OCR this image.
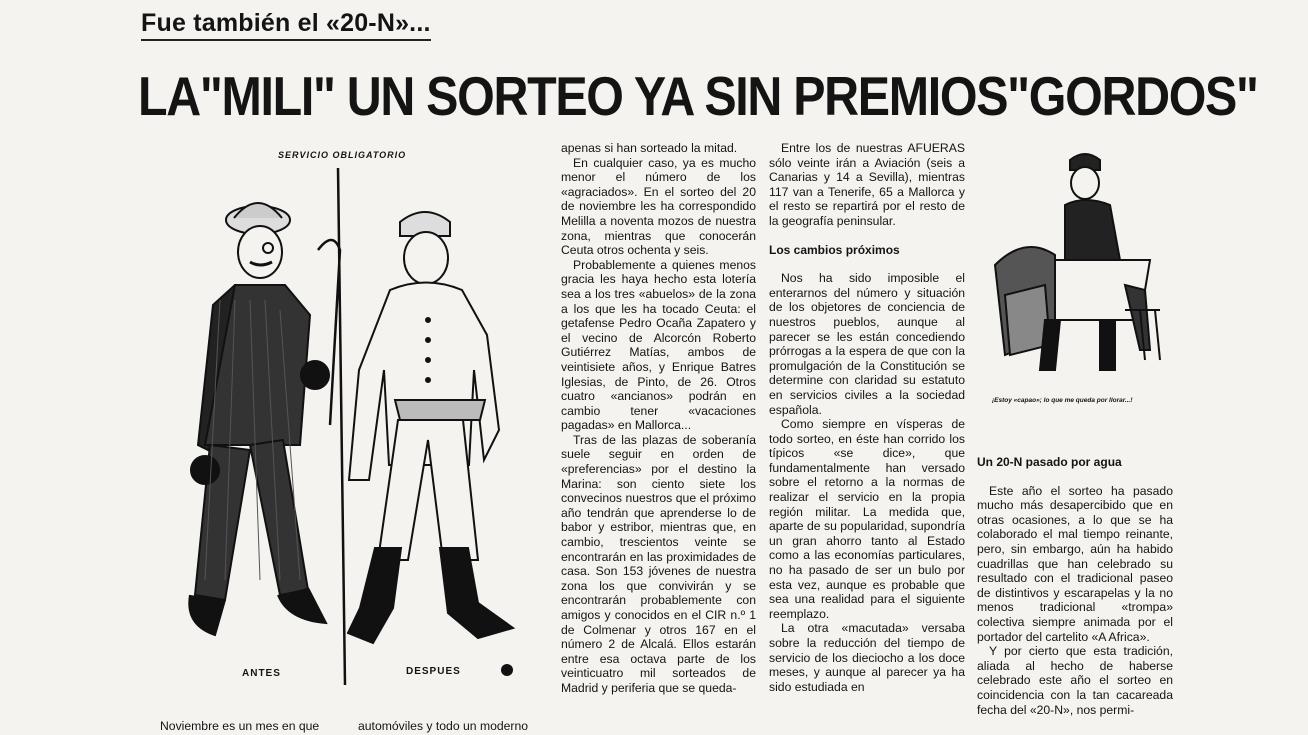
Fue también el «20-N»...
LA"MILI" UN SORTEO YA SIN PREMIOS"GORDOS"
SERVICIO OBLIGATORIO
ANTES	DESPUES

apenas si han sorteado la mitad.

En cualquier caso, ya es mucho menor el número de los «agraciados». En el sorteo del 20 de noviembre les ha correspondido Melilla a noventa mozos de nuestra zona, mientras que conocerán Ceuta otros ochenta y seis.

Probablemente a quienes menos gracia les haya hecho esta lotería sea a los tres «abuelos» de la zona a los que les ha tocado Ceuta: el getafense Pedro Ocaña Zapatero y el vecino de Alcorcón Roberto Gutiérrez Matías, ambos de veintisiete años, y Enrique Batres Iglesias, de Pinto, de 26. Otros cuatro «ancianos» podrán en cambio tener «vacaciones pagadas» en Mallorca...

Tras de las plazas de soberanía suele seguir en orden de «preferencias» por el destino la Marina: son ciento siete los convecinos nuestros que el próximo año tendrán que aprenderse lo de babor y estribor, mientras que, en cambio, trescientos veinte se encontrarán en las proximidades de casa. Son 153 jóvenes de nuestra zona los que convivirán y se encontrarán probablemente con amigos y conocidos en el CIR n.º 1 de Colmenar y otros 167 en el número 2 de Alcalá. Ellos estarán entre esa octava parte de los veinticuatro mil sorteados de Madrid y periferia que se queda-

Entre los de nuestras AFUERAS sólo veinte irán a Aviación (seis a Canarias y 14 a Sevilla), mientras 117 van a Tenerife, 65 a Mallorca y el resto se repartirá por el resto de la geografía peninsular.

Los cambios próximos

Nos ha sido imposible el enterarnos del número y situación de los objetores de conciencia de nuestros pueblos, aunque al parecer se les están concediendo prórrogas a la espera de que con la promulgación de la Constitución se determine con claridad su estatuto en servicios civiles a la sociedad española.

Como siempre en vísperas de todo sorteo, en éste han corrido los típicos «se dice», que fundamentalmente han versado sobre el retorno a la normas de realizar el servicio en la propia región militar. La medida que, aparte de su popularidad, supondría un gran ahorro tanto al Estado como a las economías particulares, no ha pasado de ser un bulo por esta vez, aunque es probable que sea una realidad para el siguiente reemplazo.

La otra «macutada» versaba sobre la reducción del tiempo de servicio de los dieciocho a los doce meses, y aunque al parecer ya ha sido estudiada en

¡Estoy «capao»; lo que me queda por llorar...!
Un 20-N pasado por agua

Este año el sorteo ha pasado mucho más desapercibido que en otras ocasiones, a lo que se ha colaborado el mal tiempo reinante, pero, sin embargo, aún ha habido cuadrillas que han celebrado su resultado con el tradicional paseo de distintivos y escarapelas y la no menos tradicional «trompa» colectiva siempre animada por el portador del cartelito «A Africa».

Y por cierto que esta tradición, aliada al hecho de haberse celebrado este año el sorteo en coincidencia con la tan cacareada fecha del «20-N», nos permi-

Noviembre es un mes en que	automóviles y todo un moderno
